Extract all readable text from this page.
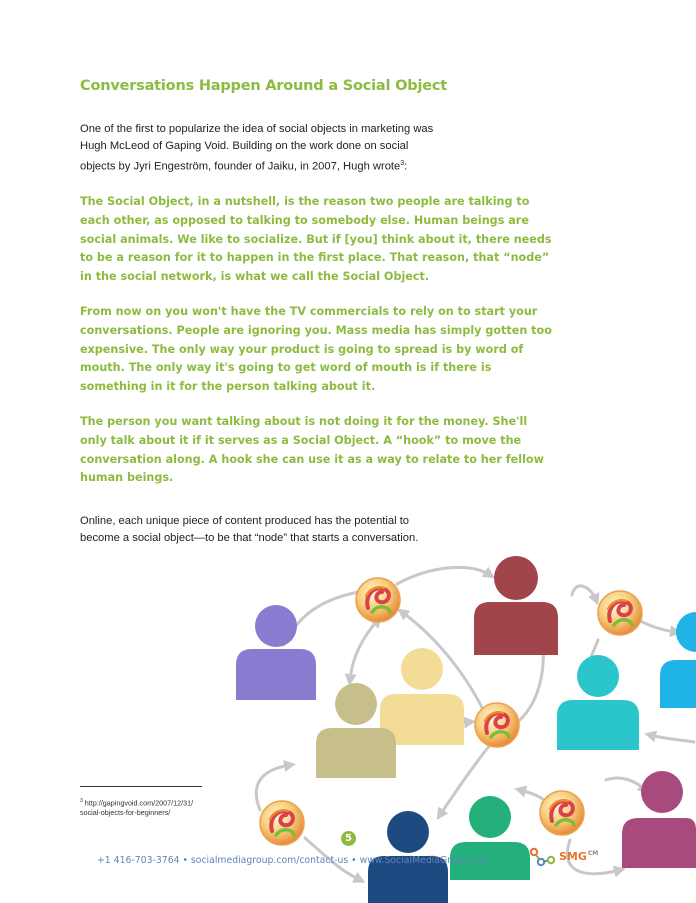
Conversations Happen Around a Social Object
One of the first to popularize the idea of social objects in marketing was Hugh McLeod of Gaping Void. Building on the work done on social objects by Jyri Engeström, founder of Jaiku, in 2007, Hugh wrote$^3$:
The Social Object, in a nutshell, is the reason two people are talking to each other, as opposed to talking to somebody else. Human beings are social animals. We like to socialize. But if [you] think about it, there needs to be a reason for it to happen in the first place. That reason, that “node” in the social network, is what we call the Social Object.
From now on you won't have the TV commercials to rely on to start your conversations. People are ignoring you. Mass media has simply gotten too expensive. The only way your product is going to spread is by word of mouth. The only way it's going to get word of mouth is if there is something in it for the person talking about it.
The person you want talking about is not doing it for the money. She'll only talk about it if it serves as a Social Object. A “hook” to move the conversation along. A hook she can use it as a way to relate to her fellow human beings.
Online, each unique piece of content produced has the potential to become a social object—to be that “node” that starts a conversation.
$^3$ http://gapingvoid.com/2007/12/31/
social-objects-for-beginners/
5
+1 416-703-3764 • socialmediagroup.com/contact-us • www.SocialMediaGroup.com	$SMG^{CM}$
